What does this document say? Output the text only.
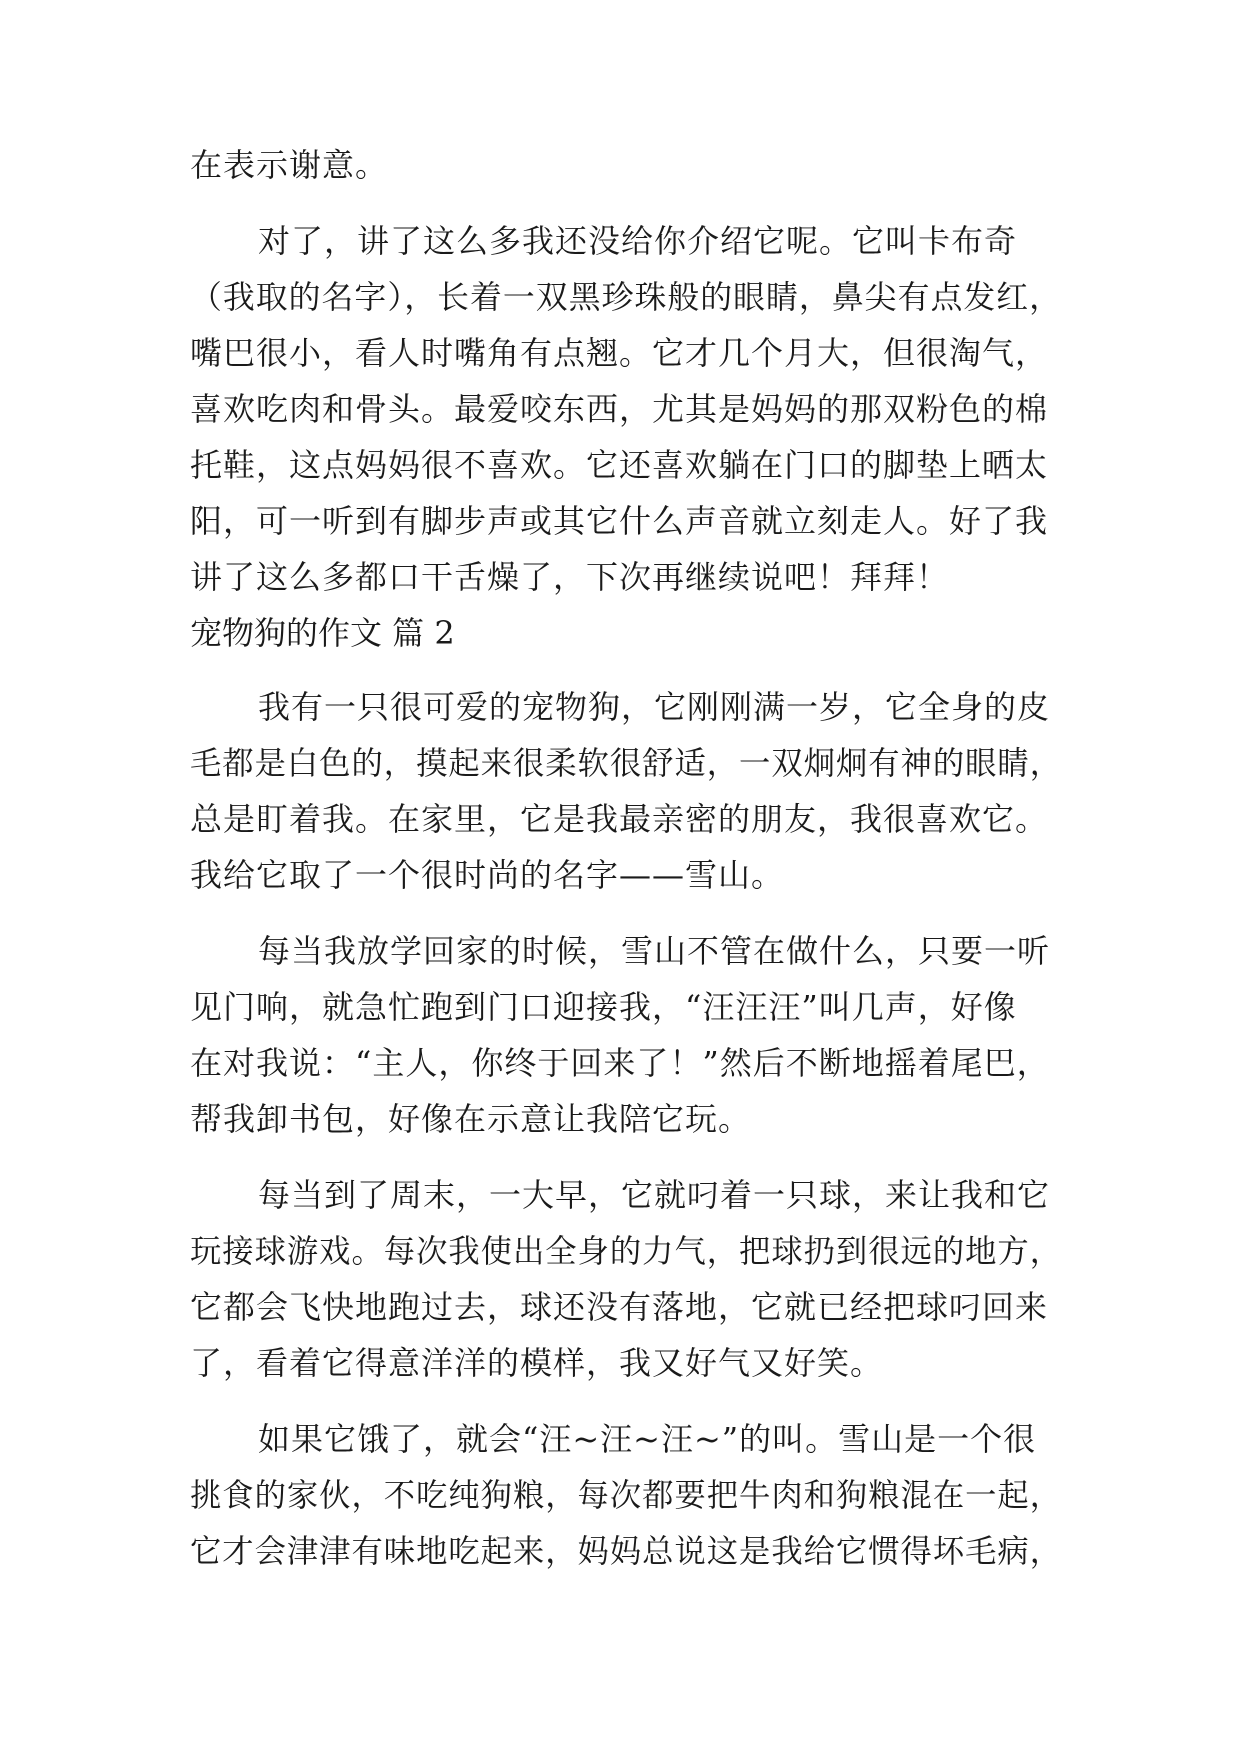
在表示谢意。
对了，讲了这么多我还没给你介绍它呢。它叫卡布奇
（我取的名字），长着一双黑珍珠般的眼睛，鼻尖有点发红，
嘴巴很小，看人时嘴角有点翘。它才几个月大，但很淘气，
喜欢吃肉和骨头。最爱咬东西，尤其是妈妈的那双粉色的棉
托鞋，这点妈妈很不喜欢。它还喜欢躺在门口的脚垫上晒太
阳，可一听到有脚步声或其它什么声音就立刻走人。好了我
讲了这么多都口干舌燥了，下次再继续说吧！拜拜！
宠物狗的作文 篇 2
我有一只很可爱的宠物狗，它刚刚满一岁，它全身的皮
毛都是白色的，摸起来很柔软很舒适，一双炯炯有神的眼睛，
总是盯着我。在家里，它是我最亲密的朋友，我很喜欢它。
我给它取了一个很时尚的名字——雪山。
每当我放学回家的时候，雪山不管在做什么，只要一听
见门响，就急忙跑到门口迎接我，“汪汪汪”叫几声，好像
在对我说：“主人，你终于回来了！”然后不断地摇着尾巴，
帮我卸书包，好像在示意让我陪它玩。
每当到了周末，一大早，它就叼着一只球，来让我和它
玩接球游戏。每次我使出全身的力气，把球扔到很远的地方，
它都会飞快地跑过去，球还没有落地，它就已经把球叼回来
了，看着它得意洋洋的模样，我又好气又好笑。
如果它饿了，就会“汪~汪~汪~”的叫。雪山是一个很
挑食的家伙，不吃纯狗粮，每次都要把牛肉和狗粮混在一起，
它才会津津有味地吃起来，妈妈总说这是我给它惯得坏毛病，
